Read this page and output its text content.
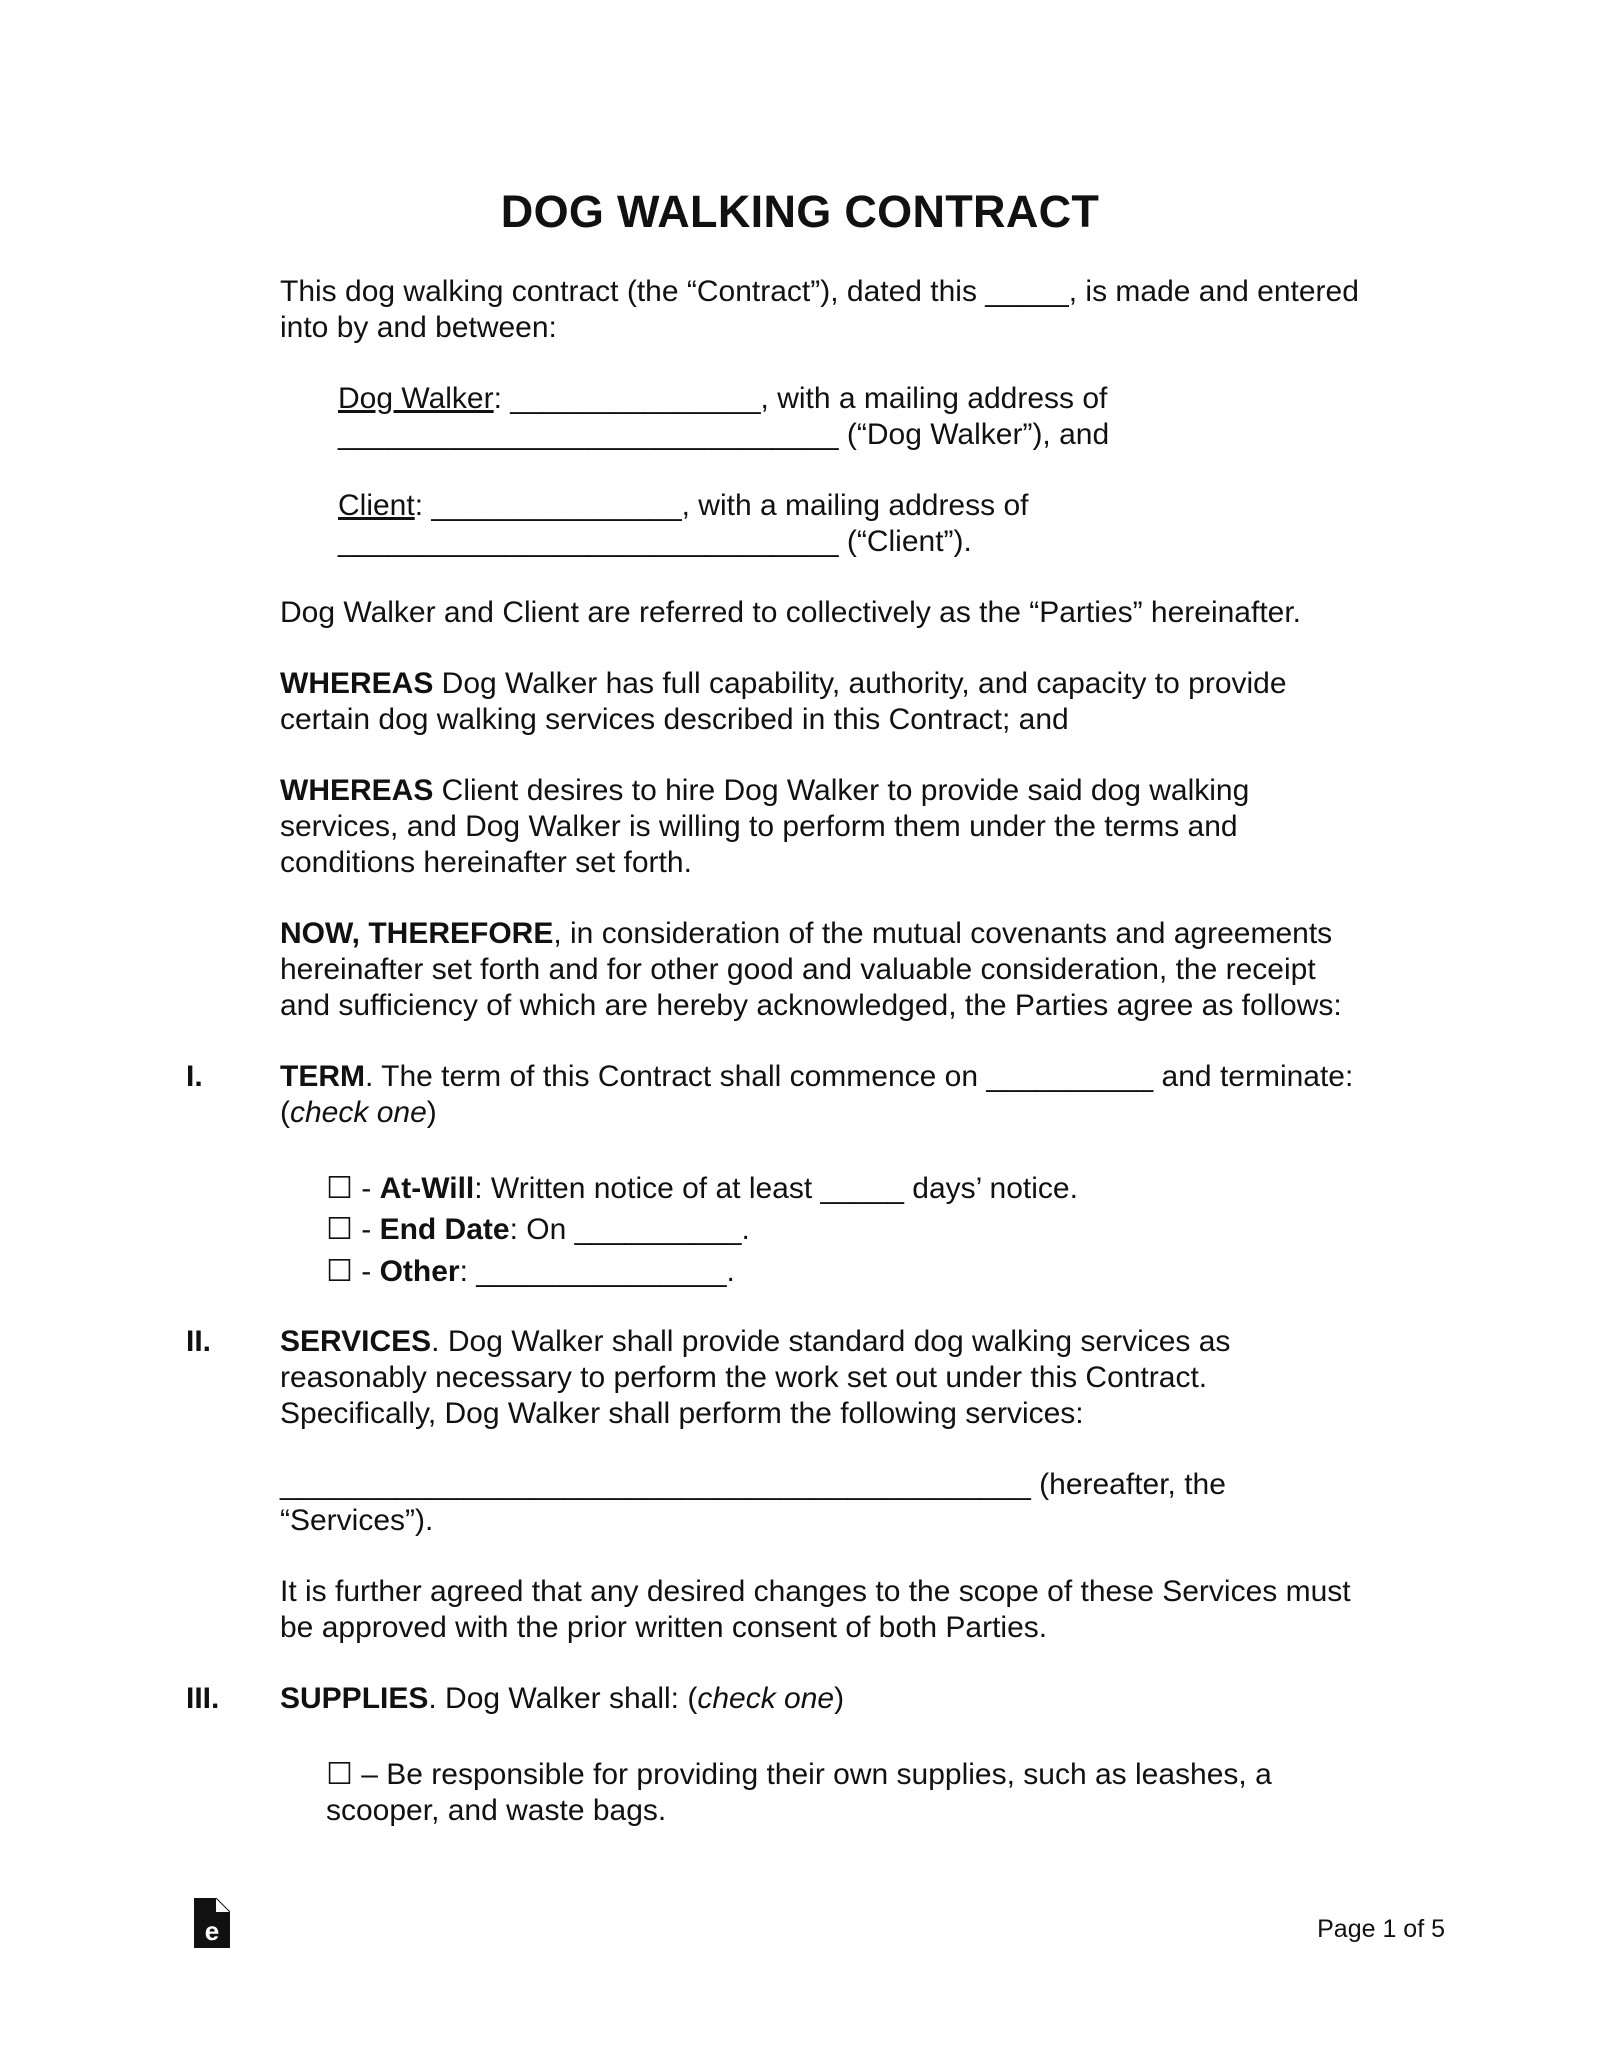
DOG WALKING CONTRACT
This dog walking contract (the “Contract”), dated this _____, is made and entered
into by and between:
Dog Walker: _______________, with a mailing address of
______________________________ (“Dog Walker”), and
Client: _______________, with a mailing address of
______________________________ (“Client”).
Dog Walker and Client are referred to collectively as the “Parties” hereinafter.
WHEREAS Dog Walker has full capability, authority, and capacity to provide
certain dog walking services described in this Contract; and
WHEREAS Client desires to hire Dog Walker to provide said dog walking
services, and Dog Walker is willing to perform them under the terms and
conditions hereinafter set forth.
NOW, THEREFORE, in consideration of the mutual covenants and agreements
hereinafter set forth and for other good and valuable consideration, the receipt
and sufficiency of which are hereby acknowledged, the Parties agree as follows:
I.	TERM. The term of this Contract shall commence on __________ and terminate:
(check one)
☐ - At-Will: Written notice of at least _____ days’ notice.
☐ - End Date: On __________.
☐ - Other: _______________.
II. SERVICES. Dog Walker shall provide standard dog walking services as
reasonably necessary to perform the work set out under this Contract.
Specifically, Dog Walker shall perform the following services:
_____________________________________________ (hereafter, the
“Services”).
It is further agreed that any desired changes to the scope of these Services must
be approved with the prior written consent of both Parties.
III. SUPPLIES. Dog Walker shall: (check one)
☐ – Be responsible for providing their own supplies, such as leashes, a
scooper, and waste bags.
e	Page 1 of 5
